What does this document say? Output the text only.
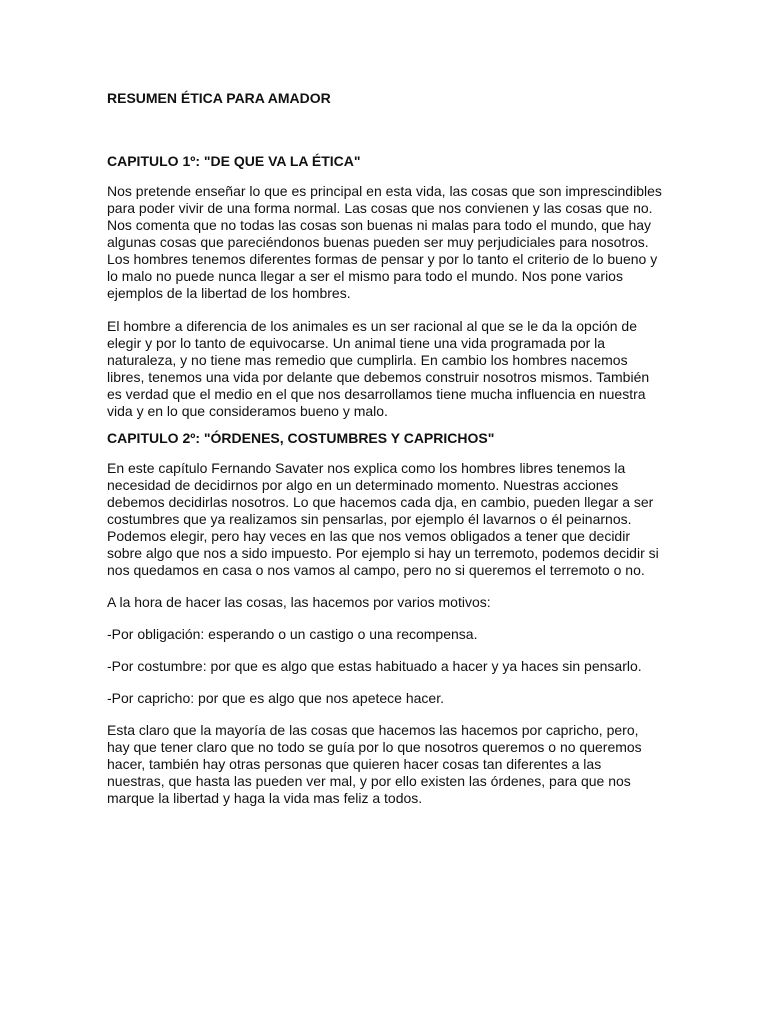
RESUMEN ÉTICA PARA AMADOR
CAPITULO 1º: "DE QUE VA LA ÉTICA"

Nos pretende enseñar lo que es principal en esta vida, las cosas que son imprescindibles para poder vivir de una forma normal. Las cosas que nos convienen y las cosas que no. Nos comenta que no todas las cosas son buenas ni malas para todo el mundo, que hay algunas cosas que pareciéndonos buenas pueden ser muy perjudiciales para nosotros. Los hombres tenemos diferentes formas de pensar y por lo tanto el criterio de lo bueno y lo malo no puede nunca llegar a ser el mismo para todo el mundo. Nos pone varios ejemplos de la libertad de los hombres.

El hombre a diferencia de los animales es un ser racional al que se le da la opción de elegir y por lo tanto de equivocarse. Un animal tiene una vida programada por la naturaleza, y no tiene mas remedio que cumplirla. En cambio los hombres nacemos libres, tenemos una vida por delante que debemos construir nosotros mismos. También es verdad que el medio en el que nos desarrollamos tiene mucha influencia en nuestra vida y en lo que consideramos bueno y malo.

CAPITULO 2º: "ÓRDENES, COSTUMBRES Y CAPRICHOS"

En este capítulo Fernando Savater nos explica como los hombres libres tenemos la necesidad de decidirnos por algo en un determinado momento. Nuestras acciones debemos decidirlas nosotros. Lo que hacemos cada dja, en cambio, pueden llegar a ser costumbres que ya realizamos sin pensarlas, por ejemplo él lavarnos o él peinarnos. Podemos elegir, pero hay veces en las que nos vemos obligados a tener que decidir sobre algo que nos a sido impuesto. Por ejemplo si hay un terremoto, podemos decidir si nos quedamos en casa o nos vamos al campo, pero no si queremos el terremoto o no.

A la hora de hacer las cosas, las hacemos por varios motivos:

-Por obligación: esperando o un castigo o una recompensa.

-Por costumbre: por que es algo que estas habituado a hacer y ya haces sin pensarlo.

-Por capricho: por que es algo que nos apetece hacer.

Esta claro que la mayoría de las cosas que hacemos las hacemos por capricho, pero, hay que tener claro que no todo se guía por lo que nosotros queremos o no queremos hacer, también hay otras personas que quieren hacer cosas tan diferentes a las nuestras, que hasta las pueden ver mal, y por ello existen las órdenes, para que nos marque la libertad y haga la vida mas feliz a todos.
